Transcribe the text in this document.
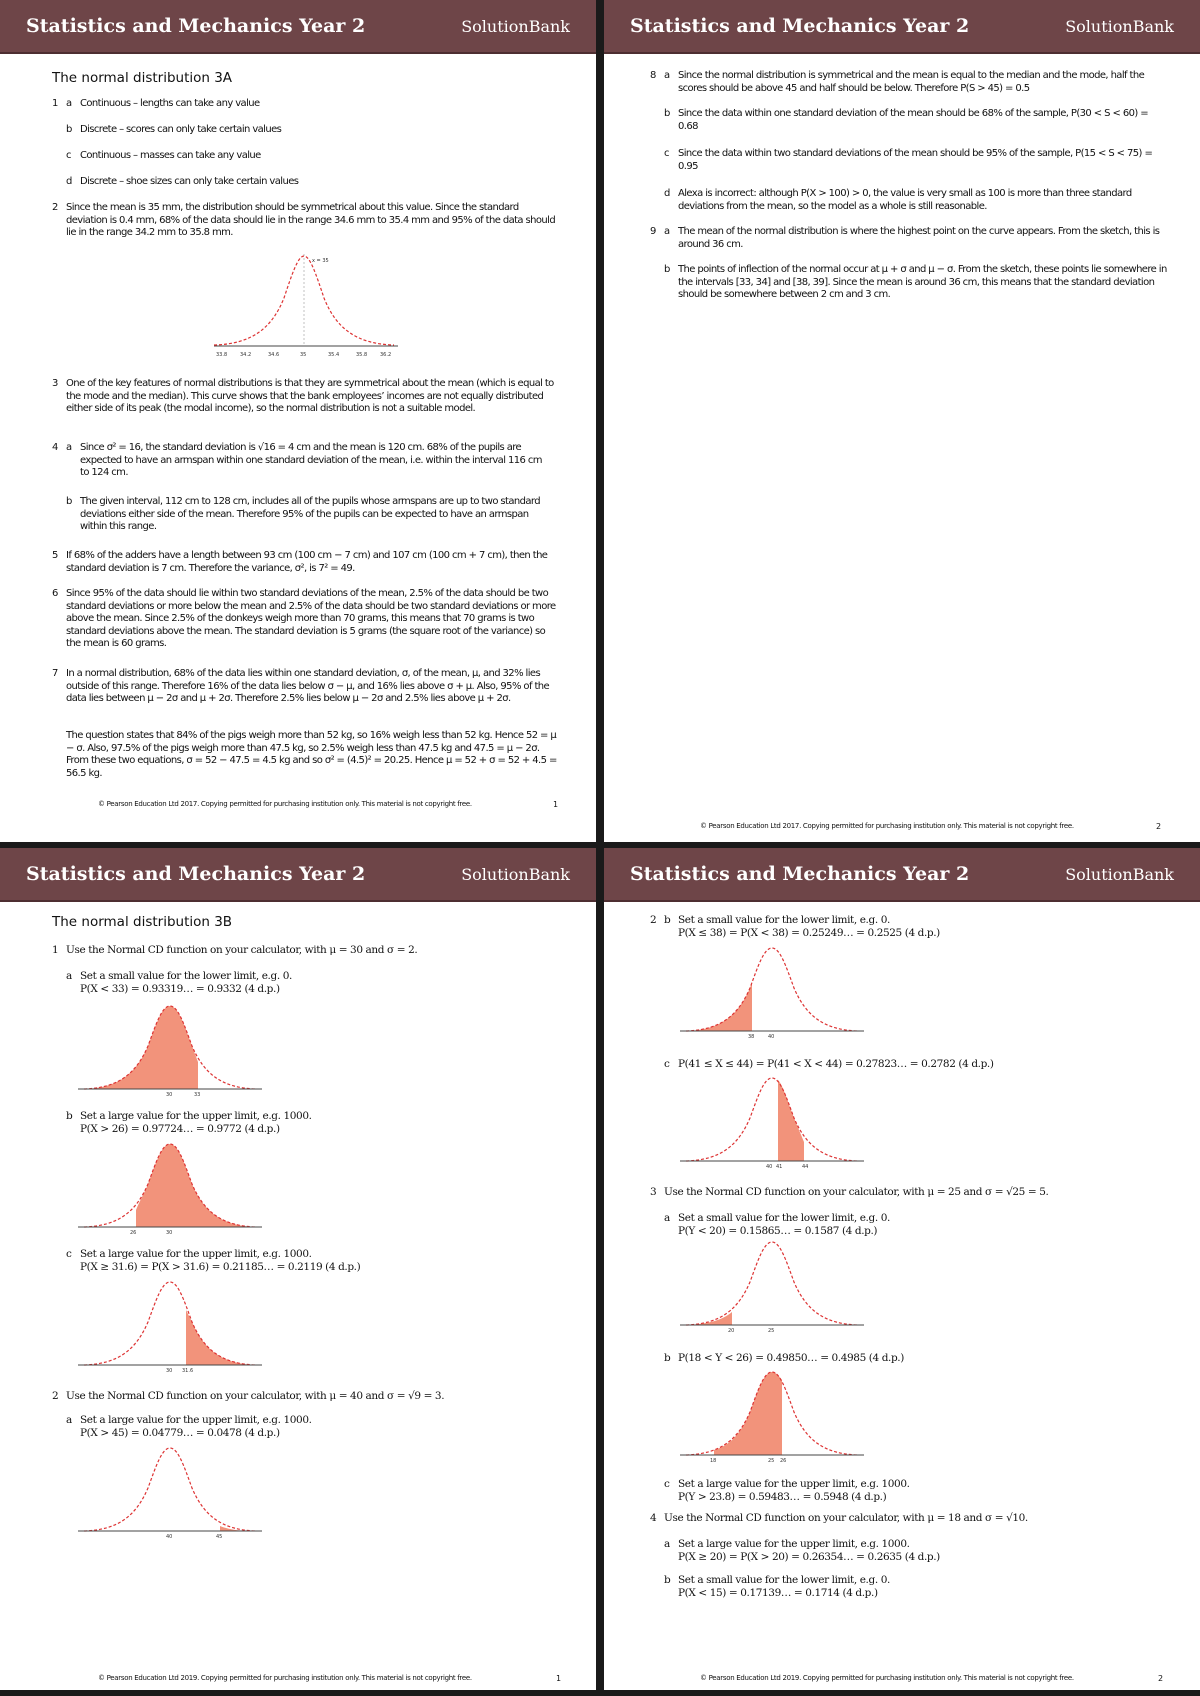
Statistics and Mechanics Year 2	SolutionBank
The normal distribution 3A
1 a Continuous – lengths can take any value
b Discrete – scores can only take certain values
c Continuous – masses can take any value
d Discrete – shoe sizes can only take certain values
2 Since the mean is 35 mm, the distribution should be symmetrical about this value. Since the standard deviation is 0.4 mm, 68% of the data should lie in the range 34.6 mm to 35.4 mm and 95% of the data should lie in the range 34.2 mm to 35.8 mm.
x = 35
33.8	34.2	34.6	35	35.4	35.8	36.2
3 One of the key features of normal distributions is that they are symmetrical about the mean (which is equal to the mode and the median). This curve shows that the bank employees’ incomes are not equally distributed either side of its peak (the modal income), so the normal distribution is not a suitable model.
4 a Since σ² = 16, the standard deviation is √16 = 4 cm and the mean is 120 cm. 68% of the pupils are expected to have an armspan within one standard deviation of the mean, i.e. within the interval 116 cm to 124 cm.
b The given interval, 112 cm to 128 cm, includes all of the pupils whose armspans are up to two standard deviations either side of the mean. Therefore 95% of the pupils can be expected to have an armspan within this range.
5 If 68% of the adders have a length between 93 cm (100 cm − 7 cm) and 107 cm (100 cm + 7 cm), then the standard deviation is 7 cm. Therefore the variance, σ², is 7² = 49.
6 Since 95% of the data should lie within two standard deviations of the mean, 2.5% of the data should be two standard deviations or more below the mean and 2.5% of the data should be two standard deviations or more above the mean. Since 2.5% of the donkeys weigh more than 70 grams, this means that 70 grams is two standard deviations above the mean. The standard deviation is 5 grams (the square root of the variance) so the mean is 60 grams.
7 In a normal distribution, 68% of the data lies within one standard deviation, σ, of the mean, μ, and 32% lies outside of this range. Therefore 16% of the data lies below σ − μ, and 16% lies above σ + μ. Also, 95% of the data lies between μ − 2σ and μ + 2σ. Therefore 2.5% lies below μ − 2σ and 2.5% lies above μ + 2σ.
The question states that 84% of the pigs weigh more than 52 kg, so 16% weigh less than 52 kg. Hence 52 = μ − σ. Also, 97.5% of the pigs weigh more than 47.5 kg, so 2.5% weigh less than 47.5 kg and 47.5 = μ − 2σ. From these two equations, σ = 52 − 47.5 = 4.5 kg and so σ² = (4.5)² = 20.25. Hence μ = 52 + σ = 52 + 4.5 = 56.5 kg.
© Pearson Education Ltd 2017. Copying permitted for purchasing institution only. This material is not copyright free.	1
Statistics and Mechanics Year 2	SolutionBank
8 a Since the normal distribution is symmetrical and the mean is equal to the median and the mode, half the scores should be above 45 and half should be below. Therefore P(S > 45) = 0.5
b Since the data within one standard deviation of the mean should be 68% of the sample, P(30 < S < 60) = 0.68
c Since the data within two standard deviations of the mean should be 95% of the sample, P(15 < S < 75) = 0.95
d Alexa is incorrect: although P(X > 100) > 0, the value is very small as 100 is more than three standard deviations from the mean, so the model as a whole is still reasonable.
9 a The mean of the normal distribution is where the highest point on the curve appears. From the sketch, this is around 36 cm.
b The points of inflection of the normal occur at μ + σ and μ − σ. From the sketch, these points lie somewhere in the intervals [33, 34] and [38, 39]. Since the mean is around 36 cm, this means that the standard deviation should be somewhere between 2 cm and 3 cm.
© Pearson Education Ltd 2017. Copying permitted for purchasing institution only. This material is not copyright free.	2
Statistics and Mechanics Year 2	SolutionBank
The normal distribution 3B
1 Use the Normal CD function on your calculator, with μ = 30 and σ = 2.
a Set a small value for the lower limit, e.g. 0.
P(X < 33) = 0.93319… = 0.9332 (4 d.p.)
30	33
b Set a large value for the upper limit, e.g. 1000.
P(X > 26) = 0.97724… = 0.9772 (4 d.p.)
26	30
c Set a large value for the upper limit, e.g. 1000.
P(X ≥ 31.6) = P(X > 31.6) = 0.21185… = 0.2119 (4 d.p.)
30 31.6
2 Use the Normal CD function on your calculator, with μ = 40 and σ = √9 = 3.
a Set a large value for the upper limit, e.g. 1000.
P(X > 45) = 0.04779… = 0.0478 (4 d.p.)
40	45
© Pearson Education Ltd 2019. Copying permitted for purchasing institution only. This material is not copyright free.	1
Statistics and Mechanics Year 2	SolutionBank
2 b Set a small value for the lower limit, e.g. 0.
P(X ≤ 38) = P(X < 38) = 0.25249… = 0.2525 (4 d.p.)
38	40
c P(41 ≤ X ≤ 44) = P(41 < X < 44) = 0.27823… = 0.2782 (4 d.p.)
40 41	44
3 Use the Normal CD function on your calculator, with μ = 25 and σ = √25 = 5.
a Set a small value for the lower limit, e.g. 0.
P(Y < 20) = 0.15865… = 0.1587 (4 d.p.)
20	25
b P(18 < Y < 26) = 0.49850… = 0.4985 (4 d.p.)
18	25 26
c Set a large value for the upper limit, e.g. 1000.
P(Y > 23.8) = 0.59483… = 0.5948 (4 d.p.)
4 Use the Normal CD function on your calculator, with μ = 18 and σ = √10.
a Set a large value for the upper limit, e.g. 1000.
P(X ≥ 20) = P(X > 20) = 0.26354… = 0.2635 (4 d.p.)
b Set a small value for the lower limit, e.g. 0.
P(X < 15) = 0.17139… = 0.1714 (4 d.p.)
© Pearson Education Ltd 2019. Copying permitted for purchasing institution only. This material is not copyright free.	2
